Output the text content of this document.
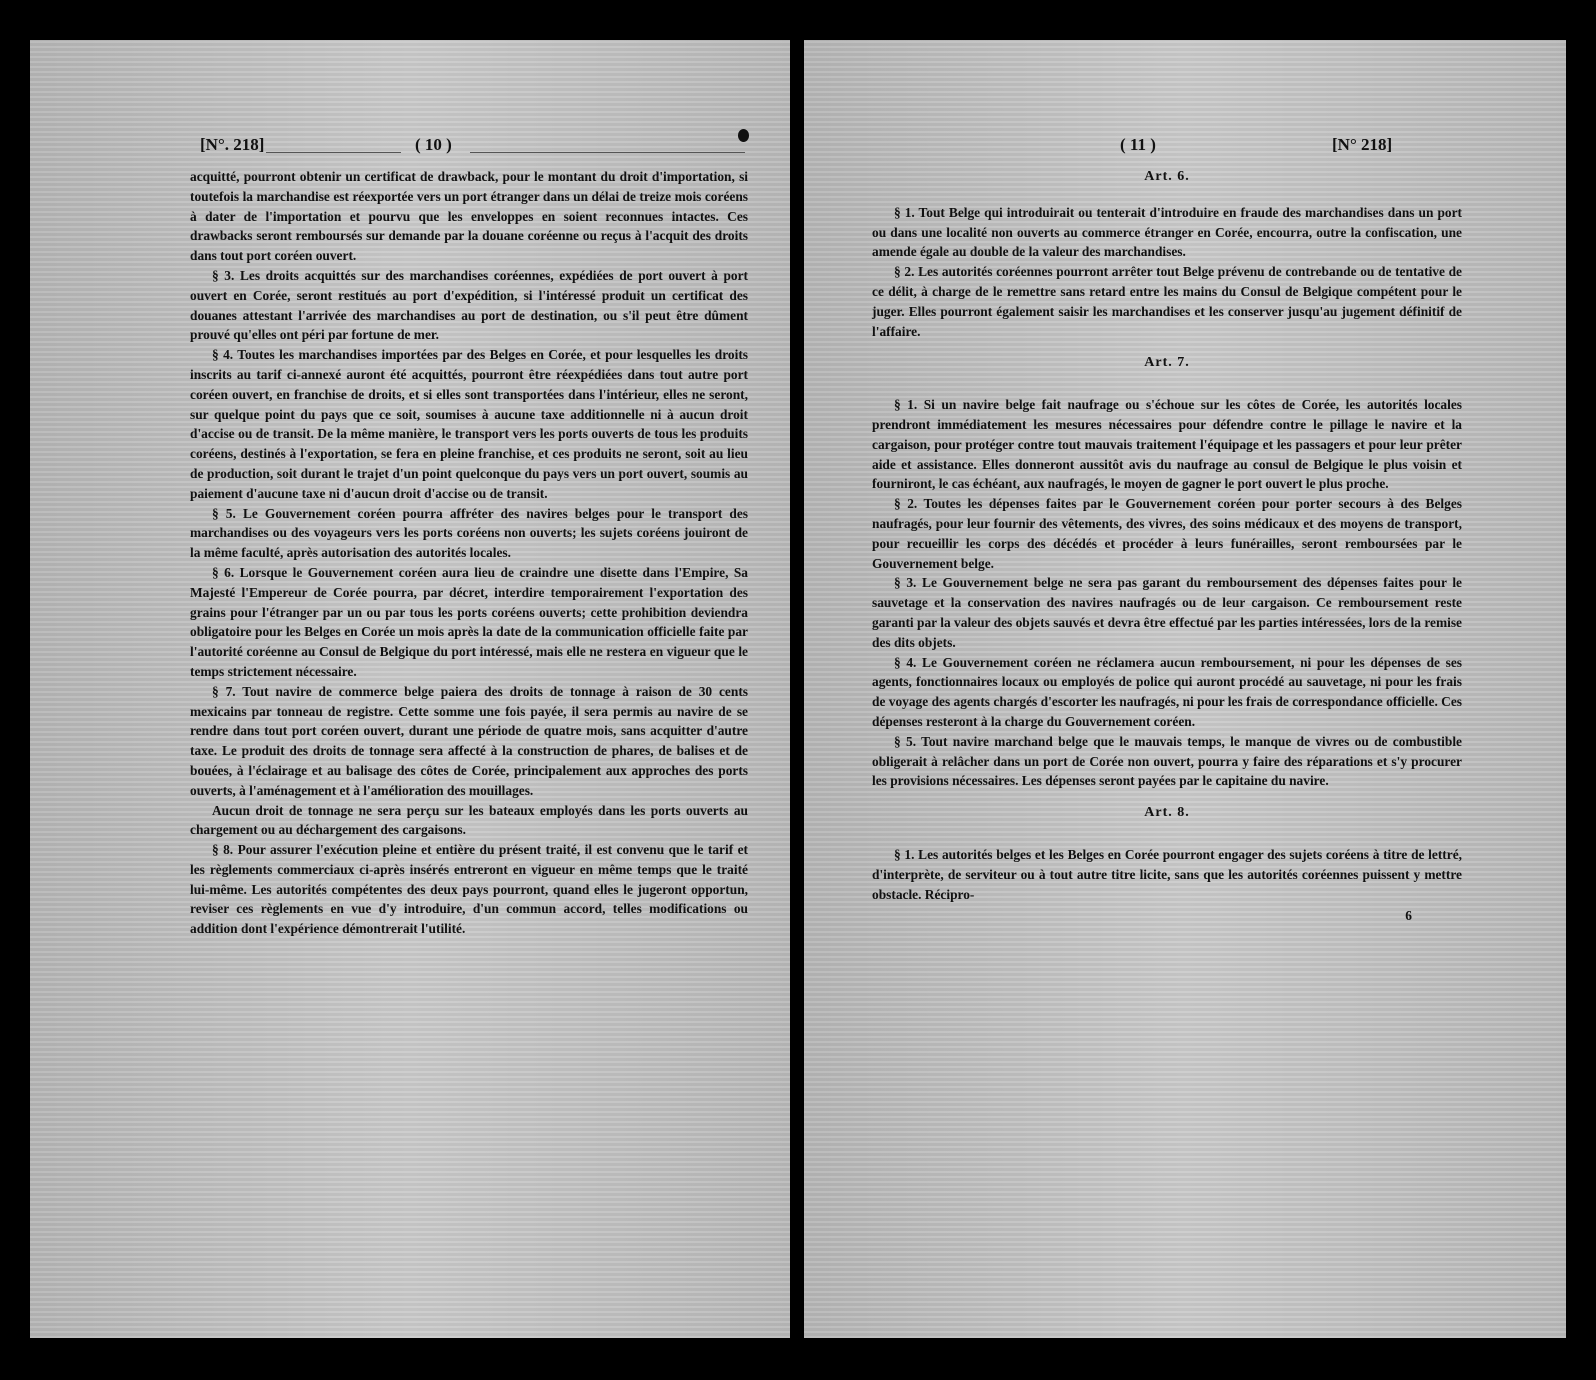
[N°. 218]	( 10 )

acquitté, pourront obtenir un certificat de drawback, pour le montant du droit d'importation, si toutefois la marchandise est réexportée vers un port étranger dans un délai de treize mois coréens à dater de l'importation et pourvu que les enveloppes en soient reconnues intactes. Ces drawbacks seront remboursés sur demande par la douane coréenne ou reçus à l'acquit des droits dans tout port coréen ouvert.

§ 3. Les droits acquittés sur des marchandises coréennes, expédiées de port ouvert à port ouvert en Corée, seront restitués au port d'expédition, si l'intéressé produit un certificat des douanes attestant l'arrivée des marchandises au port de destination, ou s'il peut être dûment prouvé qu'elles ont péri par fortune de mer.

§ 4. Toutes les marchandises importées par des Belges en Corée, et pour lesquelles les droits inscrits au tarif ci-annexé auront été acquittés, pourront être réexpédiées dans tout autre port coréen ouvert, en franchise de droits, et si elles sont transportées dans l'intérieur, elles ne seront, sur quelque point du pays que ce soit, soumises à aucune taxe additionnelle ni à aucun droit d'accise ou de transit. De la même manière, le transport vers les ports ouverts de tous les produits coréens, destinés à l'exportation, se fera en pleine franchise, et ces produits ne seront, soit au lieu de production, soit durant le trajet d'un point quelconque du pays vers un port ouvert, soumis au paiement d'aucune taxe ni d'aucun droit d'accise ou de transit.

§ 5. Le Gouvernement coréen pourra affréter des navires belges pour le transport des marchandises ou des voyageurs vers les ports coréens non ouverts; les sujets coréens jouiront de la même faculté, après autorisation des autorités locales.

§ 6. Lorsque le Gouvernement coréen aura lieu de craindre une disette dans l'Empire, Sa Majesté l'Empereur de Corée pourra, par décret, interdire temporairement l'exportation des grains pour l'étranger par un ou par tous les ports coréens ouverts; cette prohibition deviendra obligatoire pour les Belges en Corée un mois après la date de la communication officielle faite par l'autorité coréenne au Consul de Belgique du port intéressé, mais elle ne restera en vigueur que le temps strictement nécessaire.

§ 7. Tout navire de commerce belge paiera des droits de tonnage à raison de 30 cents mexicains par tonneau de registre. Cette somme une fois payée, il sera permis au navire de se rendre dans tout port coréen ouvert, durant une période de quatre mois, sans acquitter d'autre taxe. Le produit des droits de tonnage sera affecté à la construction de phares, de balises et de bouées, à l'éclairage et au balisage des côtes de Corée, principalement aux approches des ports ouverts, à l'aménagement et à l'amélioration des mouillages.

Aucun droit de tonnage ne sera perçu sur les bateaux employés dans les ports ouverts au chargement ou au déchargement des cargaisons.

§ 8. Pour assurer l'exécution pleine et entière du présent traité, il est convenu que le tarif et les règlements commerciaux ci-après insérés entreront en vigueur en même temps que le traité lui-même. Les autorités compétentes des deux pays pourront, quand elles le jugeront opportun, reviser ces règlements en vue d'y introduire, d'un commun accord, telles modifications ou addition dont l'expérience démontrerait l'utilité.

( 11 )	[N° 218]

Art. 6.

§ 1. Tout Belge qui introduirait ou tenterait d'introduire en fraude des marchandises dans un port ou dans une localité non ouverts au commerce étranger en Corée, encourra, outre la confiscation, une amende égale au double de la valeur des marchandises.

§ 2. Les autorités coréennes pourront arrêter tout Belge prévenu de contrebande ou de tentative de ce délit, à charge de le remettre sans retard entre les mains du Consul de Belgique compétent pour le juger. Elles pourront également saisir les marchandises et les conserver jusqu'au jugement définitif de l'affaire.

Art. 7.

§ 1. Si un navire belge fait naufrage ou s'échoue sur les côtes de Corée, les autorités locales prendront immédiatement les mesures nécessaires pour défendre contre le pillage le navire et la cargaison, pour protéger contre tout mauvais traitement l'équipage et les passagers et pour leur prêter aide et assistance. Elles donneront aussitôt avis du naufrage au consul de Belgique le plus voisin et fourniront, le cas échéant, aux naufragés, le moyen de gagner le port ouvert le plus proche.

§ 2. Toutes les dépenses faites par le Gouvernement coréen pour porter secours à des Belges naufragés, pour leur fournir des vêtements, des vivres, des soins médicaux et des moyens de transport, pour recueillir les corps des décédés et procéder à leurs funérailles, seront remboursées par le Gouvernement belge.

§ 3. Le Gouvernement belge ne sera pas garant du remboursement des dépenses faites pour le sauvetage et la conservation des navires naufragés ou de leur cargaison. Ce remboursement reste garanti par la valeur des objets sauvés et devra être effectué par les parties intéressées, lors de la remise des dits objets.

§ 4. Le Gouvernement coréen ne réclamera aucun remboursement, ni pour les dépenses de ses agents, fonctionnaires locaux ou employés de police qui auront procédé au sauvetage, ni pour les frais de voyage des agents chargés d'escorter les naufragés, ni pour les frais de correspondance officielle. Ces dépenses resteront à la charge du Gouvernement coréen.

§ 5. Tout navire marchand belge que le mauvais temps, le manque de vivres ou de combustible obligerait à relâcher dans un port de Corée non ouvert, pourra y faire des réparations et s'y procurer les provisions nécessaires. Les dépenses seront payées par le capitaine du navire.

Art. 8.

§ 1. Les autorités belges et les Belges en Corée pourront engager des sujets coréens à titre de lettré, d'interprète, de serviteur ou à tout autre titre licite, sans que les autorités coréennes puissent y mettre obstacle. Récipro-

6
